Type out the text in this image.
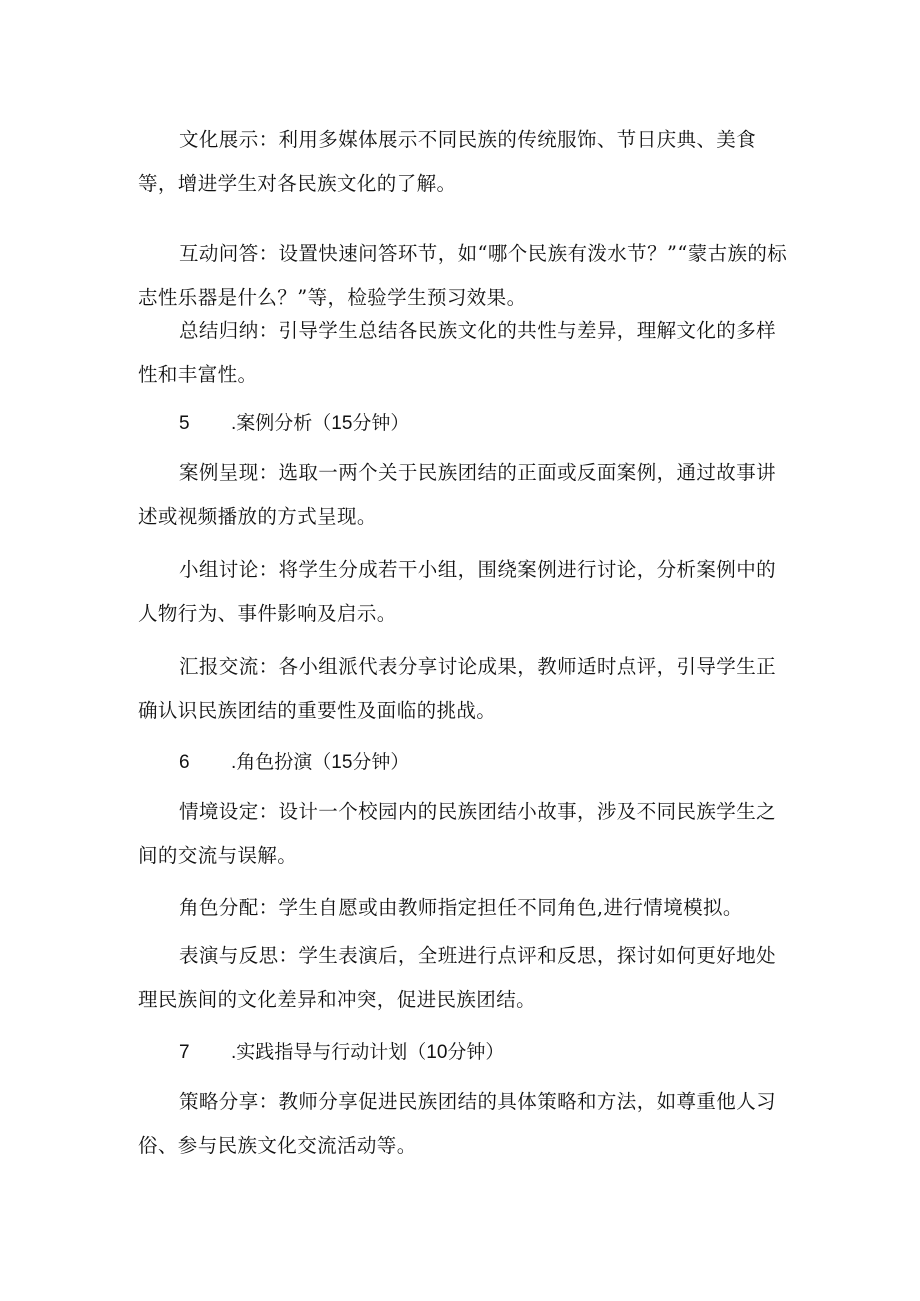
文化展示：利用多媒体展示不同民族的传统服饰、节日庆典、美食等，增进学生对各民族文化的了解。

互动问答：设置快速问答环节，如“哪个民族有泼水节？”“蒙古族的标志性乐器是什么？”等，检验学生预习效果。

总结归纳：引导学生总结各民族文化的共性与差异，理解文化的多样性和丰富性。

5 .案例分析（15分钟）

案例呈现：选取一两个关于民族团结的正面或反面案例，通过故事讲述或视频播放的方式呈现。

小组讨论：将学生分成若干小组，围绕案例进行讨论，分析案例中的人物行为、事件影响及启示。

汇报交流：各小组派代表分享讨论成果，教师适时点评，引导学生正确认识民族团结的重要性及面临的挑战。

6 .角色扮演（15分钟）

情境设定：设计一个校园内的民族团结小故事，涉及不同民族学生之间的交流与误解。

角色分配：学生自愿或由教师指定担任不同角色,进行情境模拟。

表演与反思：学生表演后，全班进行点评和反思，探讨如何更好地处理民族间的文化差异和冲突，促进民族团结。

7 .实践指导与行动计划（10分钟）

策略分享：教师分享促进民族团结的具体策略和方法，如尊重他人习俗、参与民族文化交流活动等。
